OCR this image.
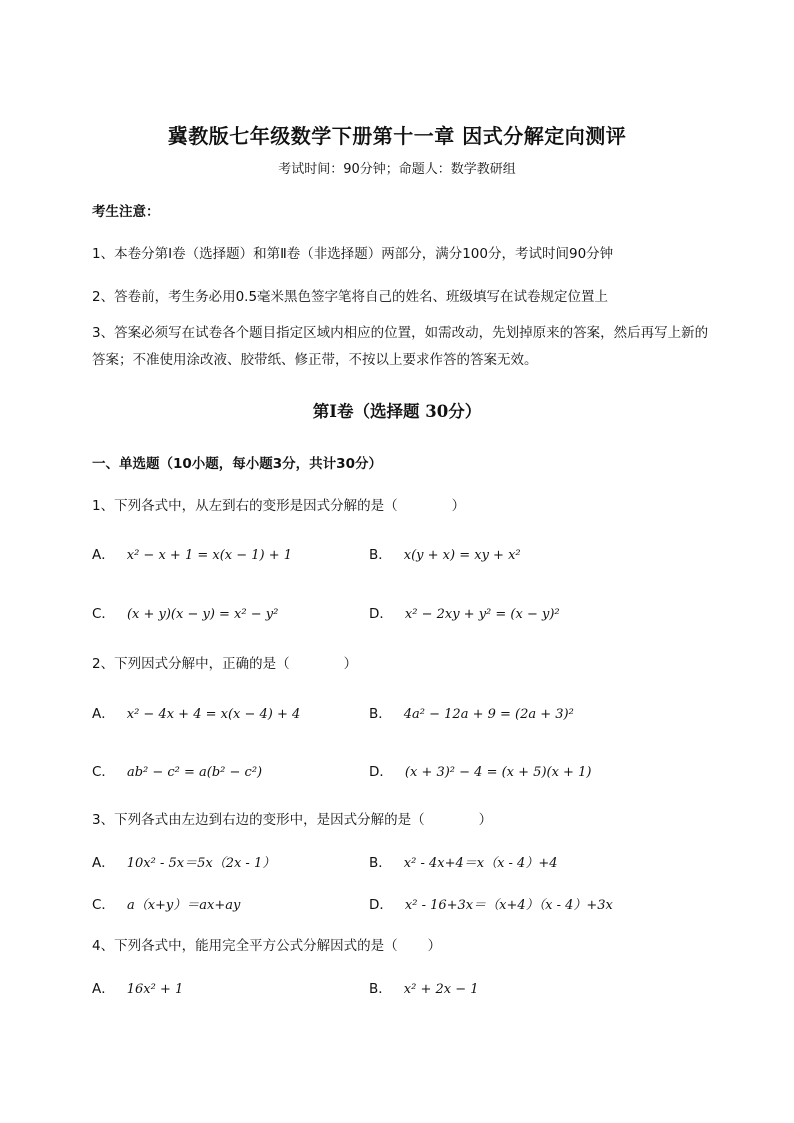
冀教版七年级数学下册第十一章 因式分解定向测评
考试时间：90分钟；命题人：数学教研组
考生注意：
1、本卷分第I卷（选择题）和第Ⅱ卷（非选择题）两部分，满分100分，考试时间90分钟
2、答卷前，考生务必用0.5毫米黑色签字笔将自己的姓名、班级填写在试卷规定位置上
3、答案必须写在试卷各个题目指定区域内相应的位置，如需改动，先划掉原来的答案，然后再写上新的答案；不准使用涂改液、胶带纸、修正带，不按以上要求作答的答案无效。
第I卷（选择题 30分）
一、单选题（10小题，每小题3分，共计30分）
1、下列各式中，从左到右的变形是因式分解的是（	）
A． x² − x + 1 = x(x − 1) + 1	B． x(y + x) = xy + x²
C． (x + y)(x − y) = x² − y²	D． x² − 2xy + y² = (x − y)²
2、下列因式分解中，正确的是（	）
A． x² − 4x + 4 = x(x − 4) + 4	B． 4a² − 12a + 9 = (2a + 3)²
C． ab² − c² = a(b² − c²)	D． (x + 3)² − 4 = (x + 5)(x + 1)
3、下列各式由左边到右边的变形中，是因式分解的是（	）
A． 10x² - 5x＝5x（2x - 1）	B． x² - 4x+4＝x（x - 4）+4
C． a（x+y）＝ax+ay	D． x² - 16+3x＝（x+4）（x - 4）+3x
4、下列各式中，能用完全平方公式分解因式的是（ ）
A． 16x² + 1	B． x² + 2x − 1
